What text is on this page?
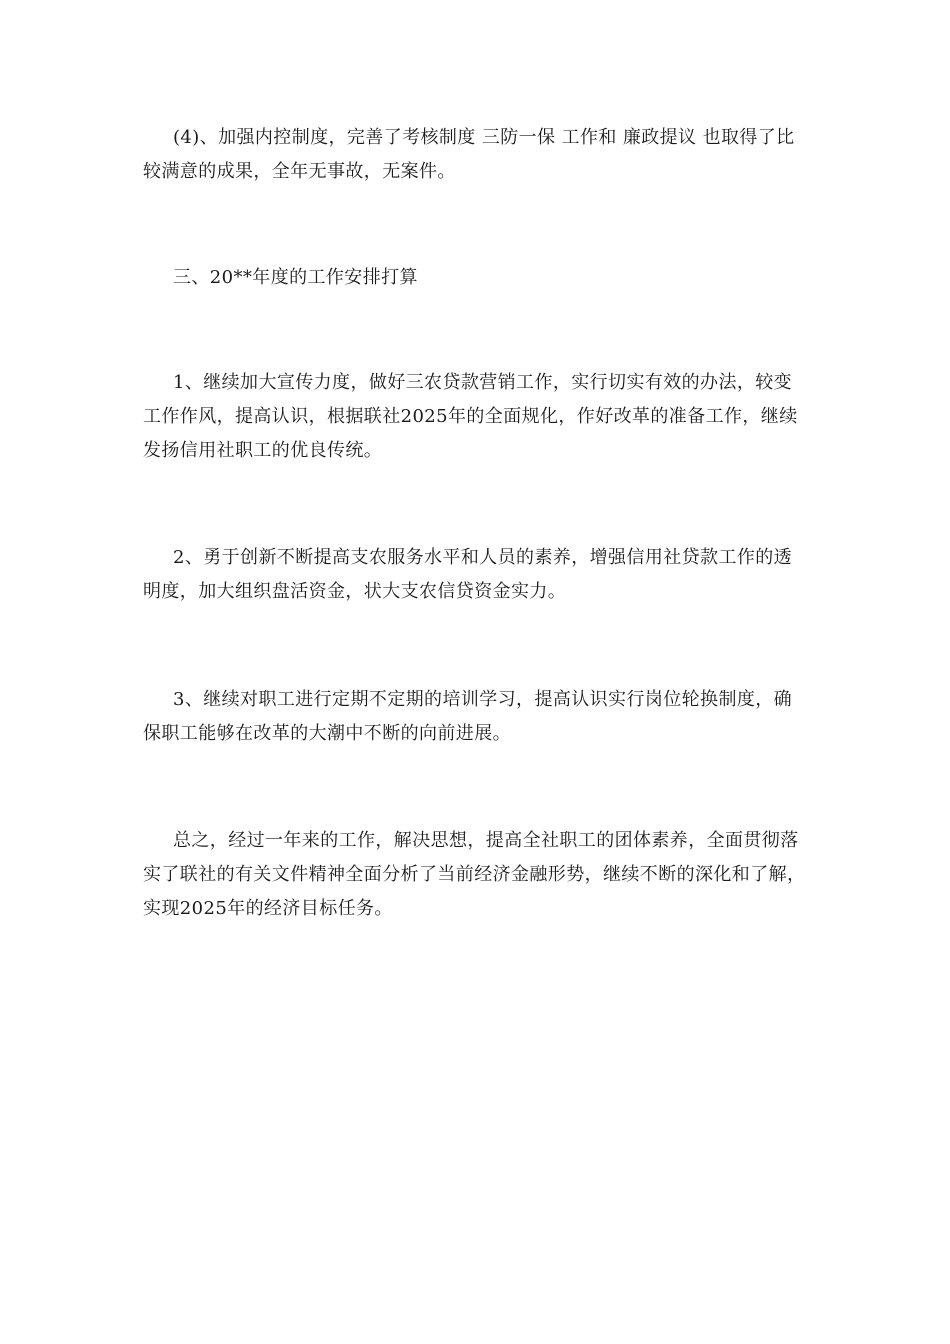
(4)、加强内控制度，完善了考核制度 三防一保 工作和 廉政提议 也取得了比较满意的成果，全年无事故，无案件。

三、20**年度的工作安排打算

1、继续加大宣传力度，做好三农贷款营销工作，实行切实有效的办法，较变工作作风，提高认识，根据联社2025年的全面规化，作好改革的准备工作，继续发扬信用社职工的优良传统。

2、勇于创新不断提高支农服务水平和人员的素养，增强信用社贷款工作的透明度，加大组织盘活资金，状大支农信贷资金实力。

3、继续对职工进行定期不定期的培训学习，提高认识实行岗位轮换制度，确保职工能够在改革的大潮中不断的向前进展。

总之，经过一年来的工作，解决思想，提高全社职工的团体素养，全面贯彻落实了联社的有关文件精神全面分析了当前经济金融形势，继续不断的深化和了解，实现2025年的经济目标任务。
